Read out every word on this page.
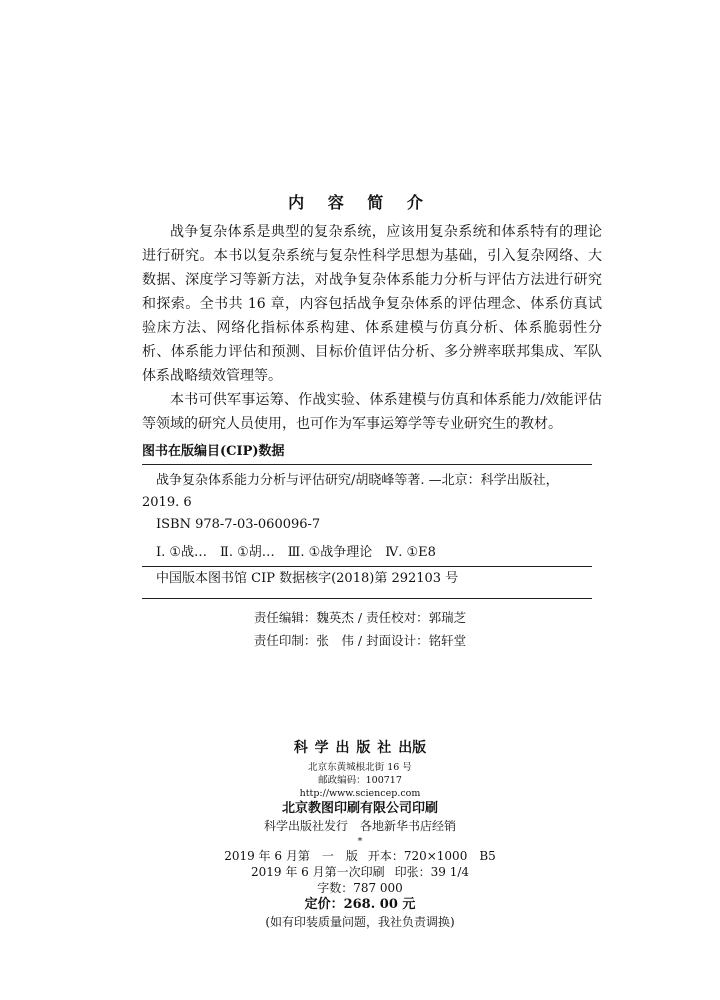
内 容 简 介

战争复杂体系是典型的复杂系统，应该用复杂系统和体系特有的理论进行研究。本书以复杂系统与复杂性科学思想为基础，引入复杂网络、大数据、深度学习等新方法，对战争复杂体系能力分析与评估方法进行研究和探索。全书共 16 章，内容包括战争复杂体系的评估理念、体系仿真试验床方法、网络化指标体系构建、体系建模与仿真分析、体系脆弱性分析、体系能力评估和预测、目标价值评估分析、多分辨率联邦集成、军队体系战略绩效管理等。

本书可供军事运筹、作战实验、体系建模与仿真和体系能力/效能评估等领域的研究人员使用，也可作为军事运筹学等专业研究生的教材。

图书在版编目(CIP)数据
战争复杂体系能力分析与评估研究/胡晓峰等著. —北京：科学出版社，
2019. 6
ISBN 978-7-03-060096-7
Ⅰ. ①战…　Ⅱ. ①胡…　Ⅲ. ①战争理论　Ⅳ. ①E8
中国版本图书馆 CIP 数据核字(2018)第 292103 号
责任编辑：魏英杰 / 责任校对：郭瑞芝
责任印制：张　伟 / 封面设计：铭轩堂
科 学 出 版 社 出版
北京东黄城根北街 16 号
邮政编码：100717
http://www.sciencep.com
北京教图印刷有限公司印刷
科学出版社发行　各地新华书店经销
*
2019 年 6 月第　一　版 开本：720×1000　B5
2019 年 6 月第一次印刷 印张：39 1/4
字数：787 000
定价：268. 00 元
(如有印装质量问题，我社负责调换)
